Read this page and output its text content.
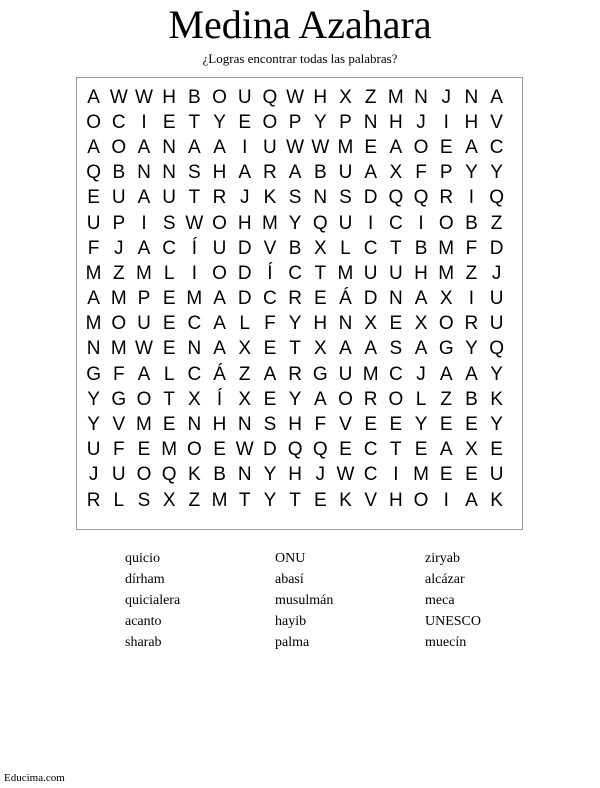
Medina Azahara
¿Logras encontrar todas las palabras?
A W W H B O U Q W H X Z M N J N A
O C I E T Y E O P Y P N H J I H V
A O A N A A I U W W M E A O E A C
Q B N N S H A R A B U A X F P Y Y
E U A U T R J K S N S D Q Q R I Q
U P I S W O H M Y Q U I C I O B Z
F J A C Í U D V B X L C T B M F D
M Z M L I O D Í C T M U U H M Z J
A M P E M A D C R E Á D N A X I U
M O U E C A L F Y H N X E X O R U
N M W E N A X E T X A A S A G Y Q
G F A L C Á Z A R G U M C J A A Y
Y G O T X Í X E Y A O R O L Z B K
Y V M E N H N S H F V E E Y E E Y
U F E M O E W D Q Q E C T E A X E
J U O Q K B N Y H J W C I M E E U
R L S X Z M T Y T E K V H O I A K
quicio	ONU	ziryab
dírham	abasí	alcázar
quicialera	musulmán	meca
acanto	hayib	UNESCO
sharab	palma	muecín
Educima.com
